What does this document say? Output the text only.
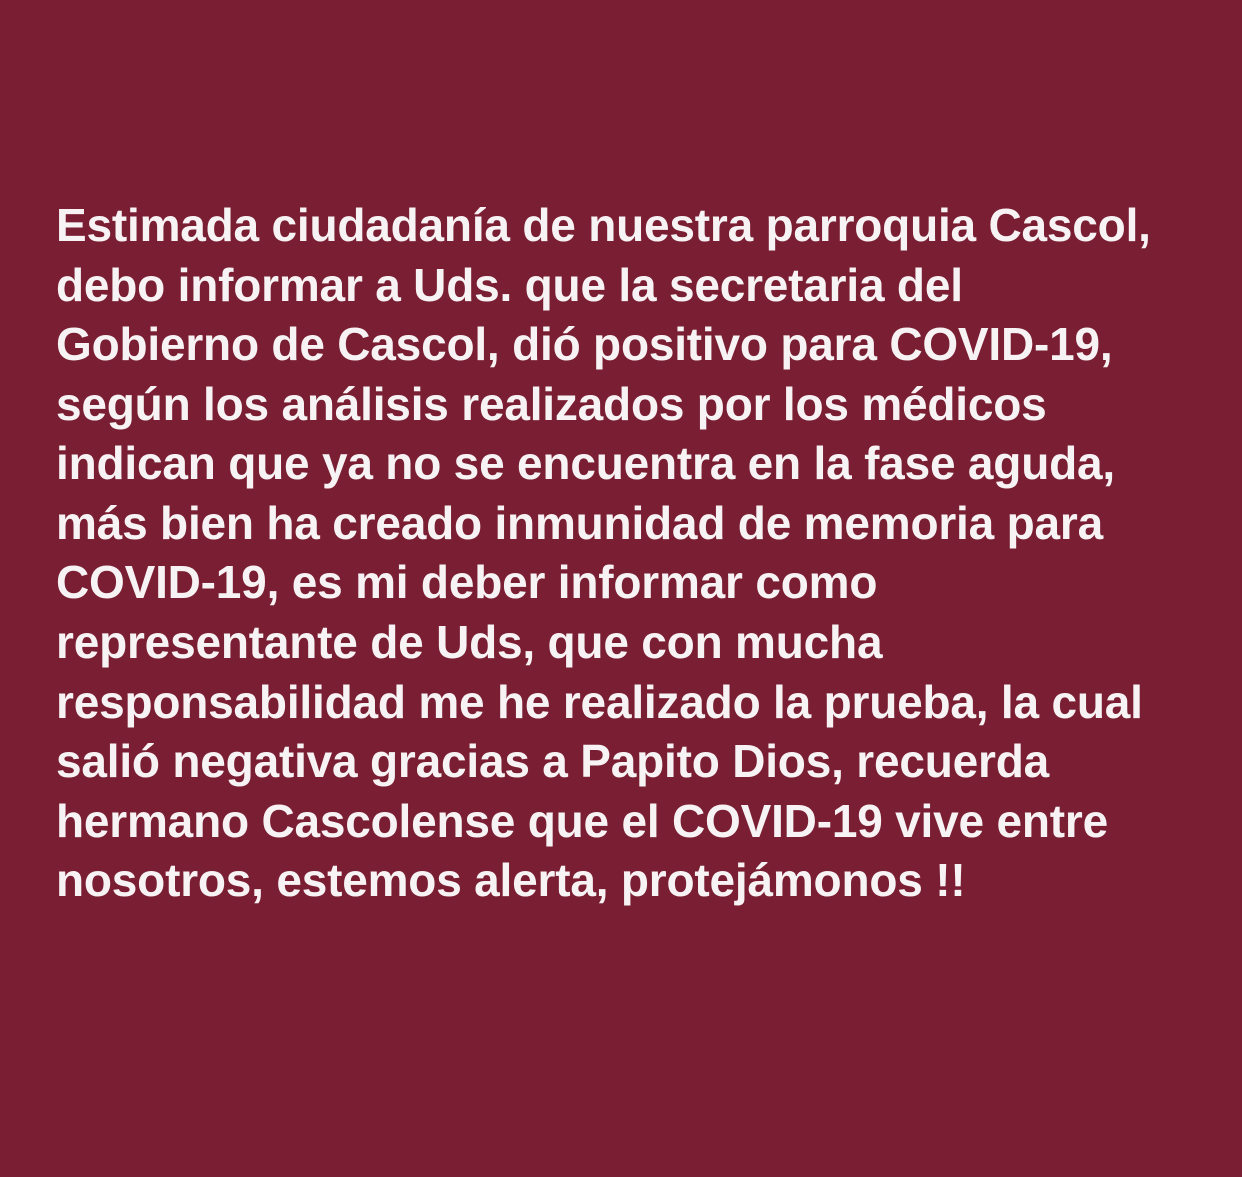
Estimada ciudadanía de nuestra parroquia Cascol, debo informar a Uds. que la secretaria del Gobierno de Cascol, dió positivo para COVID-19, según los análisis realizados por los médicos indican que ya no se encuentra en la fase aguda, más bien ha creado inmunidad de memoria para COVID-19, es mi deber informar como representante de Uds, que con mucha responsabilidad me he realizado la prueba, la cual salió negativa gracias a Papito Dios, recuerda hermano Cascolense que el COVID-19 vive entre nosotros, estemos alerta, protejámonos !!
